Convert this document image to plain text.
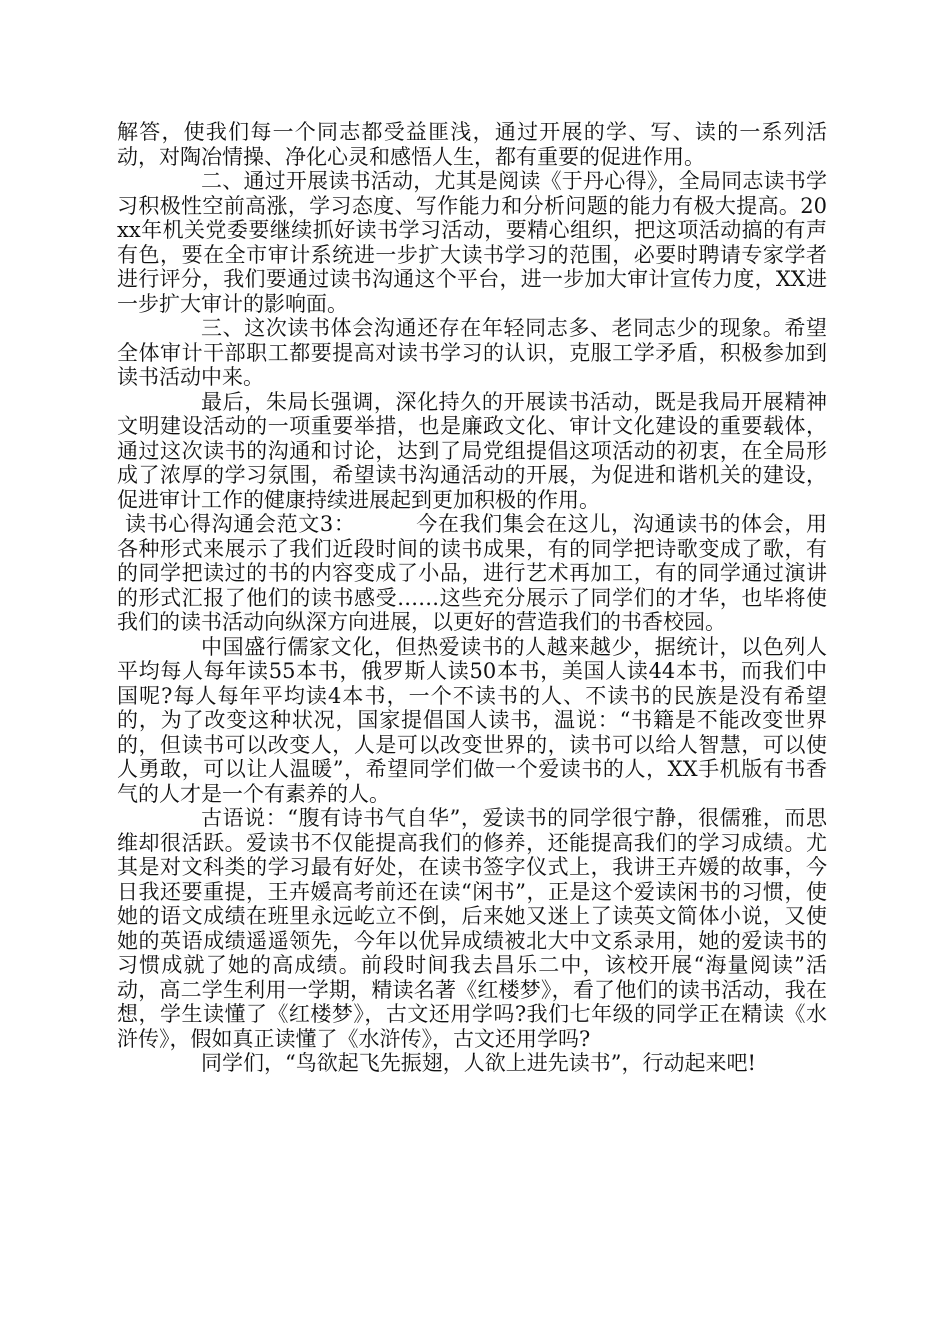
解答，使我们每一个同志都受益匪浅，通过开展的学、写、读的一系列活动，对陶冶情操、净化心灵和感悟人生，都有重要的促进作用。

二、通过开展读书活动，尤其是阅读《于丹心得》，全局同志读书学习积极性空前高涨，学习态度、写作能力和分析问题的能力有极大提高。20xx年机关党委要继续抓好读书学习活动，要精心组织，把这项活动搞的有声有色，要在全市审计系统进一步扩大读书学习的范围，必要时聘请专家学者进行评分，我们要通过读书沟通这个平台，进一步加大审计宣传力度，XX进一步扩大审计的影响面。

三、这次读书体会沟通还存在年轻同志多、老同志少的现象。希望全体审计干部职工都要提高对读书学习的认识，克服工学矛盾，积极参加到读书活动中来。

最后，朱局长强调，深化持久的开展读书活动，既是我局开展精神文明建设活动的一项重要举措，也是廉政文化、审计文化建设的重要载体，通过这次读书的沟通和讨论，达到了局党组提倡这项活动的初衷，在全局形成了浓厚的学习氛围，希望读书沟通活动的开展，为促进和谐机关的建设，促进审计工作的健康持续进展起到更加积极的作用。

读书心得沟通会范文3：	今在我们集会在这儿，沟通读书的体会，用各种形式来展示了我们近段时间的读书成果，有的同学把诗歌变成了歌，有的同学把读过的书的内容变成了小品，进行艺术再加工，有的同学通过演讲的形式汇报了他们的读书感受……这些充分展示了同学们的才华，也毕将使我们的读书活动向纵深方向进展，以更好的营造我们的书香校园。

中国盛行儒家文化，但热爱读书的人越来越少，据统计，以色列人平均每人每年读55本书，俄罗斯人读50本书，美国人读44本书，而我们中国呢?每人每年平均读4本书，一个不读书的人、不读书的民族是没有希望的，为了改变这种状况，国家提倡国人读书，温说：“书籍是不能改变世界的，但读书可以改变人，人是可以改变世界的，读书可以给人智慧，可以使人勇敢，可以让人温暖”，希望同学们做一个爱读书的人，XX手机版有书香气的人才是一个有素养的人。

古语说：“腹有诗书气自华”，爱读书的同学很宁静，很儒雅，而思维却很活跃。爱读书不仅能提高我们的修养，还能提高我们的学习成绩。尤其是对文科类的学习最有好处，在读书签字仪式上，我讲王卉媛的故事，今日我还要重提，王卉媛高考前还在读“闲书”，正是这个爱读闲书的习惯，使她的语文成绩在班里永远屹立不倒，后来她又迷上了读英文简体小说，又使她的英语成绩遥遥领先，今年以优异成绩被北大中文系录用，她的爱读书的习惯成就了她的高成绩。前段时间我去昌乐二中，该校开展“海量阅读”活动，高二学生利用一学期，精读名著《红楼梦》，看了他们的读书活动，我在想，学生读懂了《红楼梦》，古文还用学吗?我们七年级的同学正在精读《水浒传》，假如真正读懂了《水浒传》，古文还用学吗?

同学们，“鸟欲起飞先振翅，人欲上进先读书”，行动起来吧!
